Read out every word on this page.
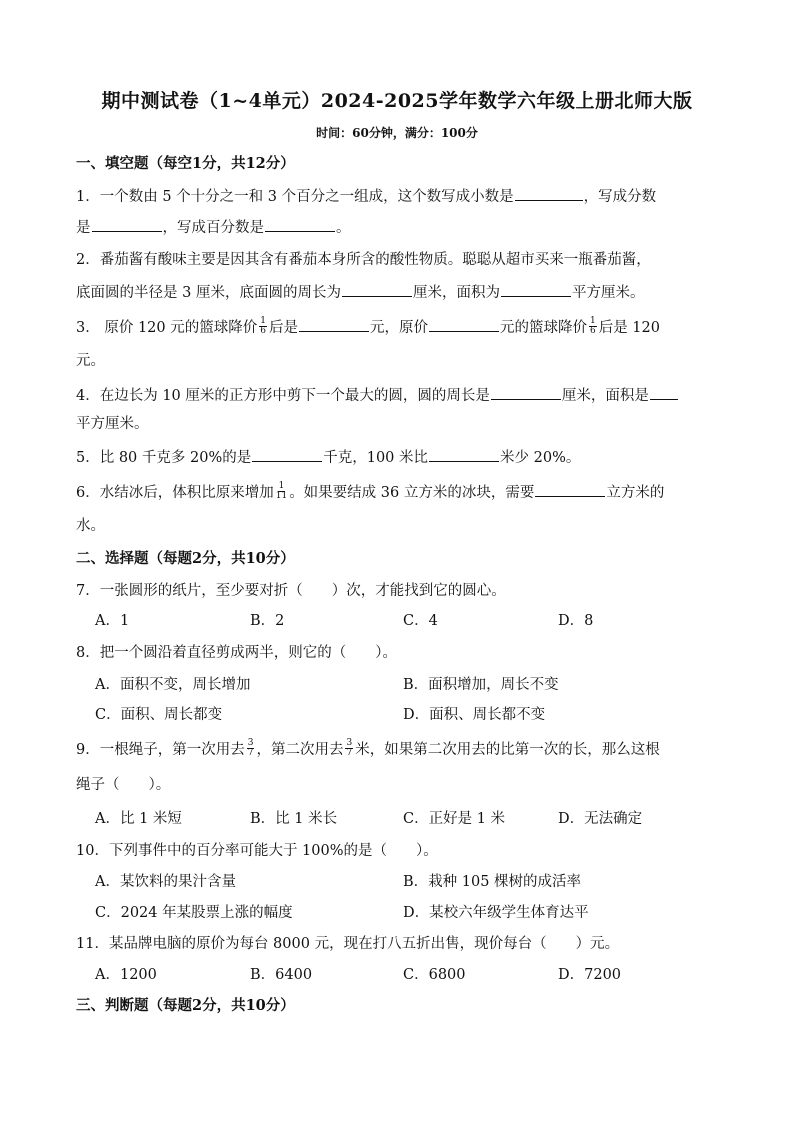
期中测试卷（1~4单元）2024-2025学年数学六年级上册北师大版
时间：60分钟，满分：100分
一、填空题（每空1分，共12分）
1．一个数由 5 个十分之一和 3 个百分之一组成，这个数写成小数是	，写成分数
是	，写成百分数是	。
2．番茄酱有酸味主要是因其含有番茄本身所含的酸性物质。聪聪从超市买来一瓶番茄酱，
底面圆的半径是 3 厘米，底面圆的周长为	厘米，面积为	平方厘米。
3． 原价 120 元的篮球降价 $\frac{1}{6}$ 后是	元，原价	元的篮球降价 $\frac{1}{6}$ 后是 120
元。
4．在边长为 10 厘米的正方形中剪下一个最大的圆，圆的周长是	厘米，面积是
平方厘米。
5．比 80 千克多 20%的是	千克，100 米比	米少 20%。
6．水结冰后，体积比原来增加 $\frac{1}{11}$ 。如果要结成 36 立方米的冰块，需要	立方米的
水。
二、选择题（每题2分，共10分）
7．一张圆形的纸片，至少要对折（　　）次，才能找到它的圆心。
A．1	B．2	C．4	D．8
8．把一个圆沿着直径剪成两半，则它的（　　）。
A．面积不变，周长增加	B．面积增加，周长不变
C．面积、周长都变	D．面积、周长都不变
9．一根绳子，第一次用去 $\frac{3}{7}$ ，第二次用去 $\frac{3}{7}$ 米，如果第二次用去的比第一次的长，那么这根
绳子（　　）。
A．比 1 米短	B．比 1 米长	C．正好是 1 米	D．无法确定
10．下列事件中的百分率可能大于 100%的是（　　）。
A．某饮料的果汁含量	B．栽种 105 棵树的成活率
C．2024 年某股票上涨的幅度	D．某校六年级学生体育达平
11．某品牌电脑的原价为每台 8000 元，现在打八五折出售，现价每台（　　）元。
A．1200	B．6400	C．6800	D．7200
三、判断题（每题2分，共10分）
